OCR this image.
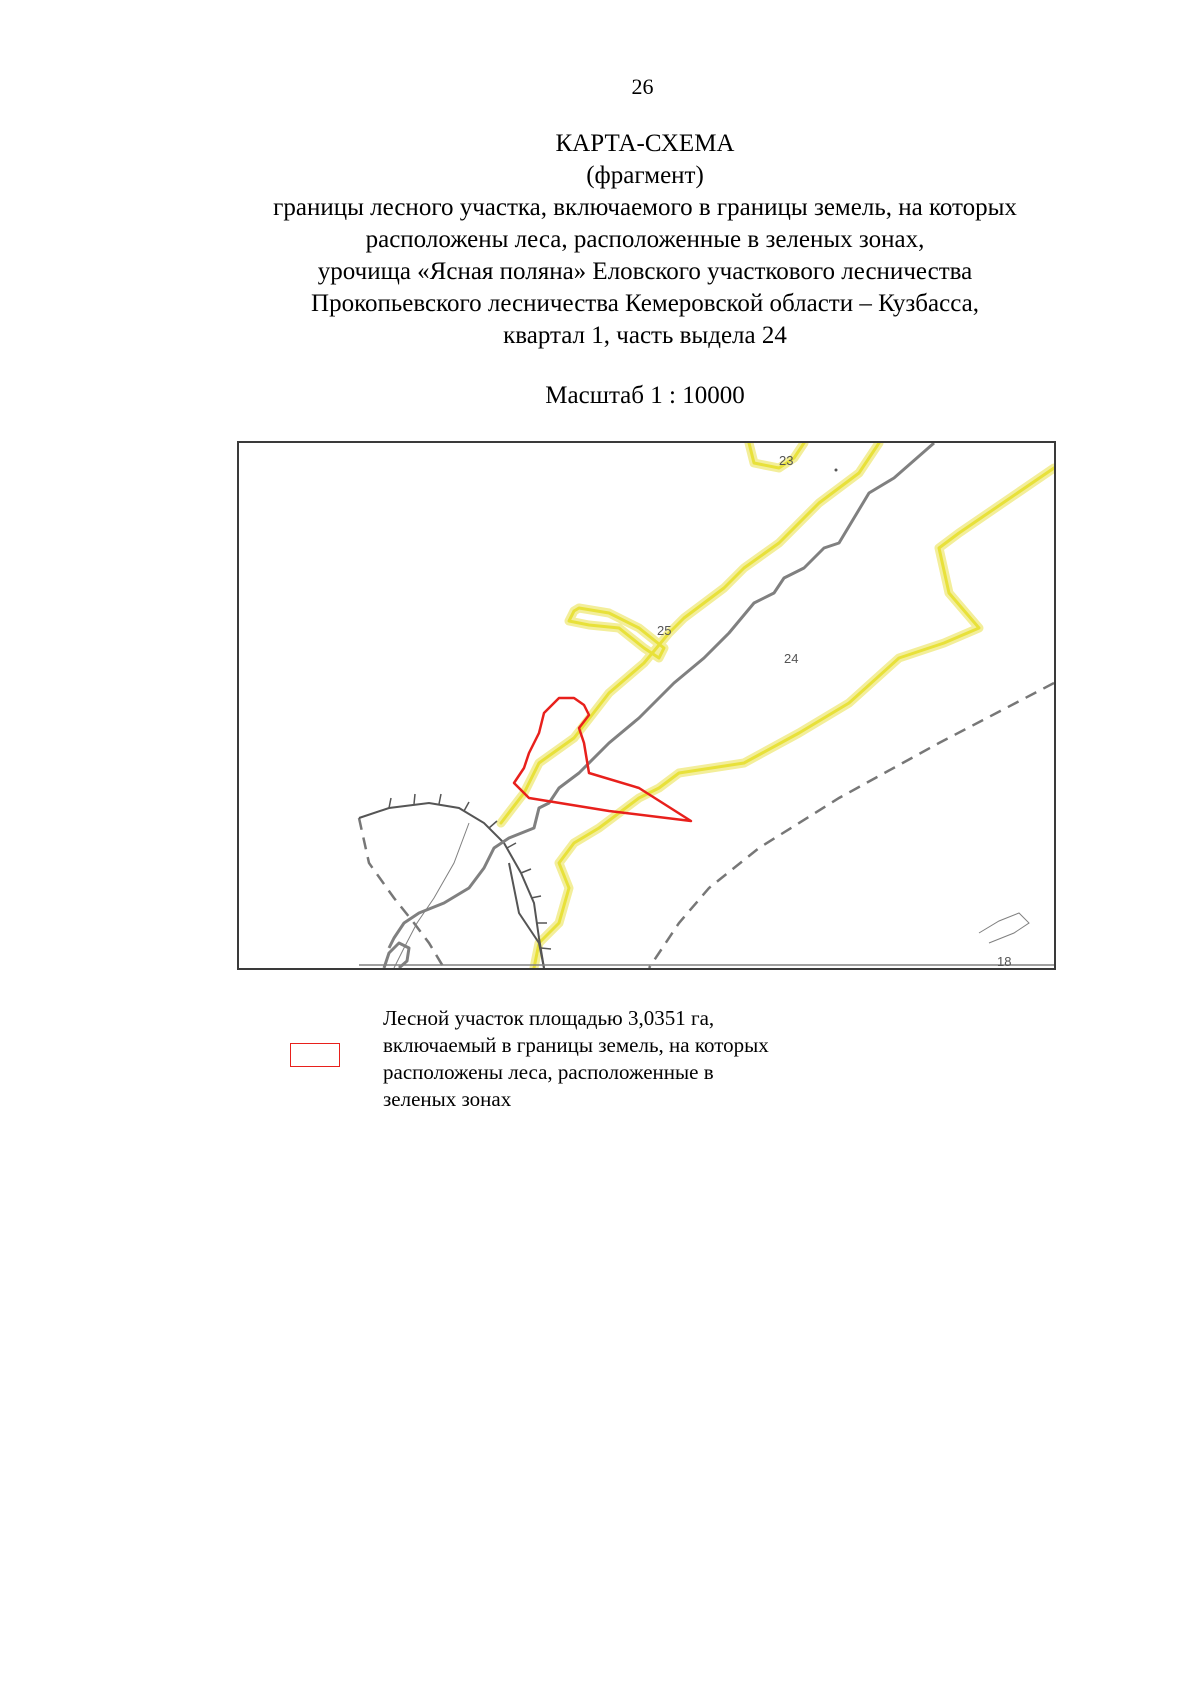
26
КАРТА-СХЕМА
(фрагмент)
границы лесного участка, включаемого в границы земель, на которых
расположены леса, расположенные в зеленых зонах,
урочища «Ясная поляна» Еловского участкового лесничества
Прокопьевского лесничества Кемеровской области – Кузбасса,
квартал 1, часть выдела 24
Масштаб 1 : 10000
23
24
25
18
Лесной участок площадью 3,0351 га,
включаемый в границы земель, на которых
расположены леса, расположенные в
зеленых зонах
